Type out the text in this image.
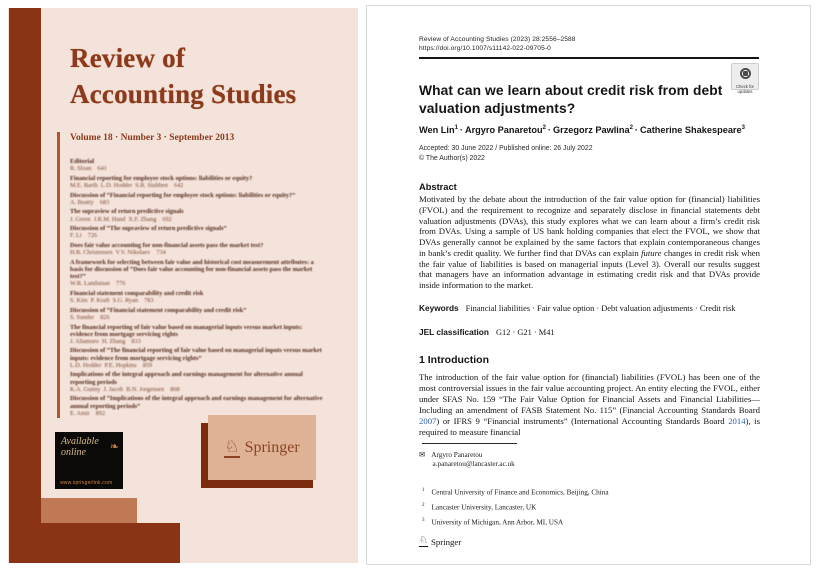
Review of
Accounting Studies
Volume 18 · Number 3 · September 2013
Editorial
R. Sloan 641
Financial reporting for employee stock options: liabilities or equity?
M.E. Barth L.D. Hodder S.R. Stubben 642
Discussion of “Financial reporting for employee stock options: liabilities or equity?”
A. Beatty 683
The supraview of return predictive signals
J. Green J.R.M. Hand X.F. Zhang 692
Discussion of “The supraview of return predictive signals”
F. Li 726
Does fair value accounting for non-financial assets pass the market test?
H.B. Christensen V.V. Nikolaev 734
A framework for selecting between fair value and historical cost measurement attributes: a basis for discussion of “Does fair value accounting for non-financial assets pass the market test?”
W.R. Landsman 776
Financial statement comparability and credit risk
S. Kim P. Kraft S.G. Ryan 783
Discussion of “Financial statement comparability and credit risk”
S. Sunder 826
The financial reporting of fair value based on managerial inputs versus market inputs: evidence from mortgage servicing rights
J. Altamuro H. Zhang 833
Discussion of “The financial reporting of fair value based on managerial inputs versus market inputs: evidence from mortgage servicing rights”
L.D. Hodder P.E. Hopkins 859
Implications of the integral approach and earnings management for alternative annual reporting periods
K.A. Gunny J. Jacob B.N. Jorgensen 868
Discussion of “Implications of the integral approach and earnings management for alternative annual reporting periods”
E. Amir 892
Available
online	❧
www.springerlink.com
♘ Springer
Review of Accounting Studies (2023) 28:2556–2588
https://doi.org/10.1007/s11142-022-09705-0
Check for
updates
What can we learn about credit risk from debt valuation adjustments?
Wen Lin$^1$ · Argyro Panaretou$^2$ · Grzegorz Pawlina$^2$ · Catherine Shakespeare$^3$
Accepted: 30 June 2022 / Published online: 26 July 2022
© The Author(s) 2022
Abstract

Motivated by the debate about the introduction of the fair value option for (financial) liabilities (FVOL) and the requirement to recognize and separately disclose in financial statements debt valuation adjustments (DVAs), this study explores what we can learn about a firm’s credit risk from DVAs. Using a sample of US bank holding companies that elect the FVOL, we show that DVAs generally cannot be explained by the same factors that explain contemporaneous changes in bank’s credit quality. We further find that DVAs can explain future changes in credit risk when the fair value of liabilities is based on managerial inputs (Level 3). Overall our results suggest that managers have an information advantage in estimating credit risk and that DVAs provide inside information to the market.

Keywords Financial liabilities · Fair value option · Debt valuation adjustments · Credit risk
JEL classification G12 · G21 · M41
1 Introduction

The introduction of the fair value option for (financial) liabilities (FVOL) has been one of the most controversial issues in the fair value accounting project. An entity electing the FVOL, either under SFAS No. 159 “The Fair Value Option for Financial Assets and Financial Liabilities—Including an amendment of FASB Statement No. 115” (Financial Accounting Standards Board 2007) or IFRS 9 “Financial instruments” (International Accounting Standards Board 2014), is required to measure financial

✉ Argyro Panaretou
a.panaretou@lancaster.ac.uk
$^1$ Central University of Finance and Economics, Beijing, China
$^2$ Lancaster University, Lancaster, UK
$^3$ University of Michigan, Ann Arbor, MI, USA
♘ Springer
